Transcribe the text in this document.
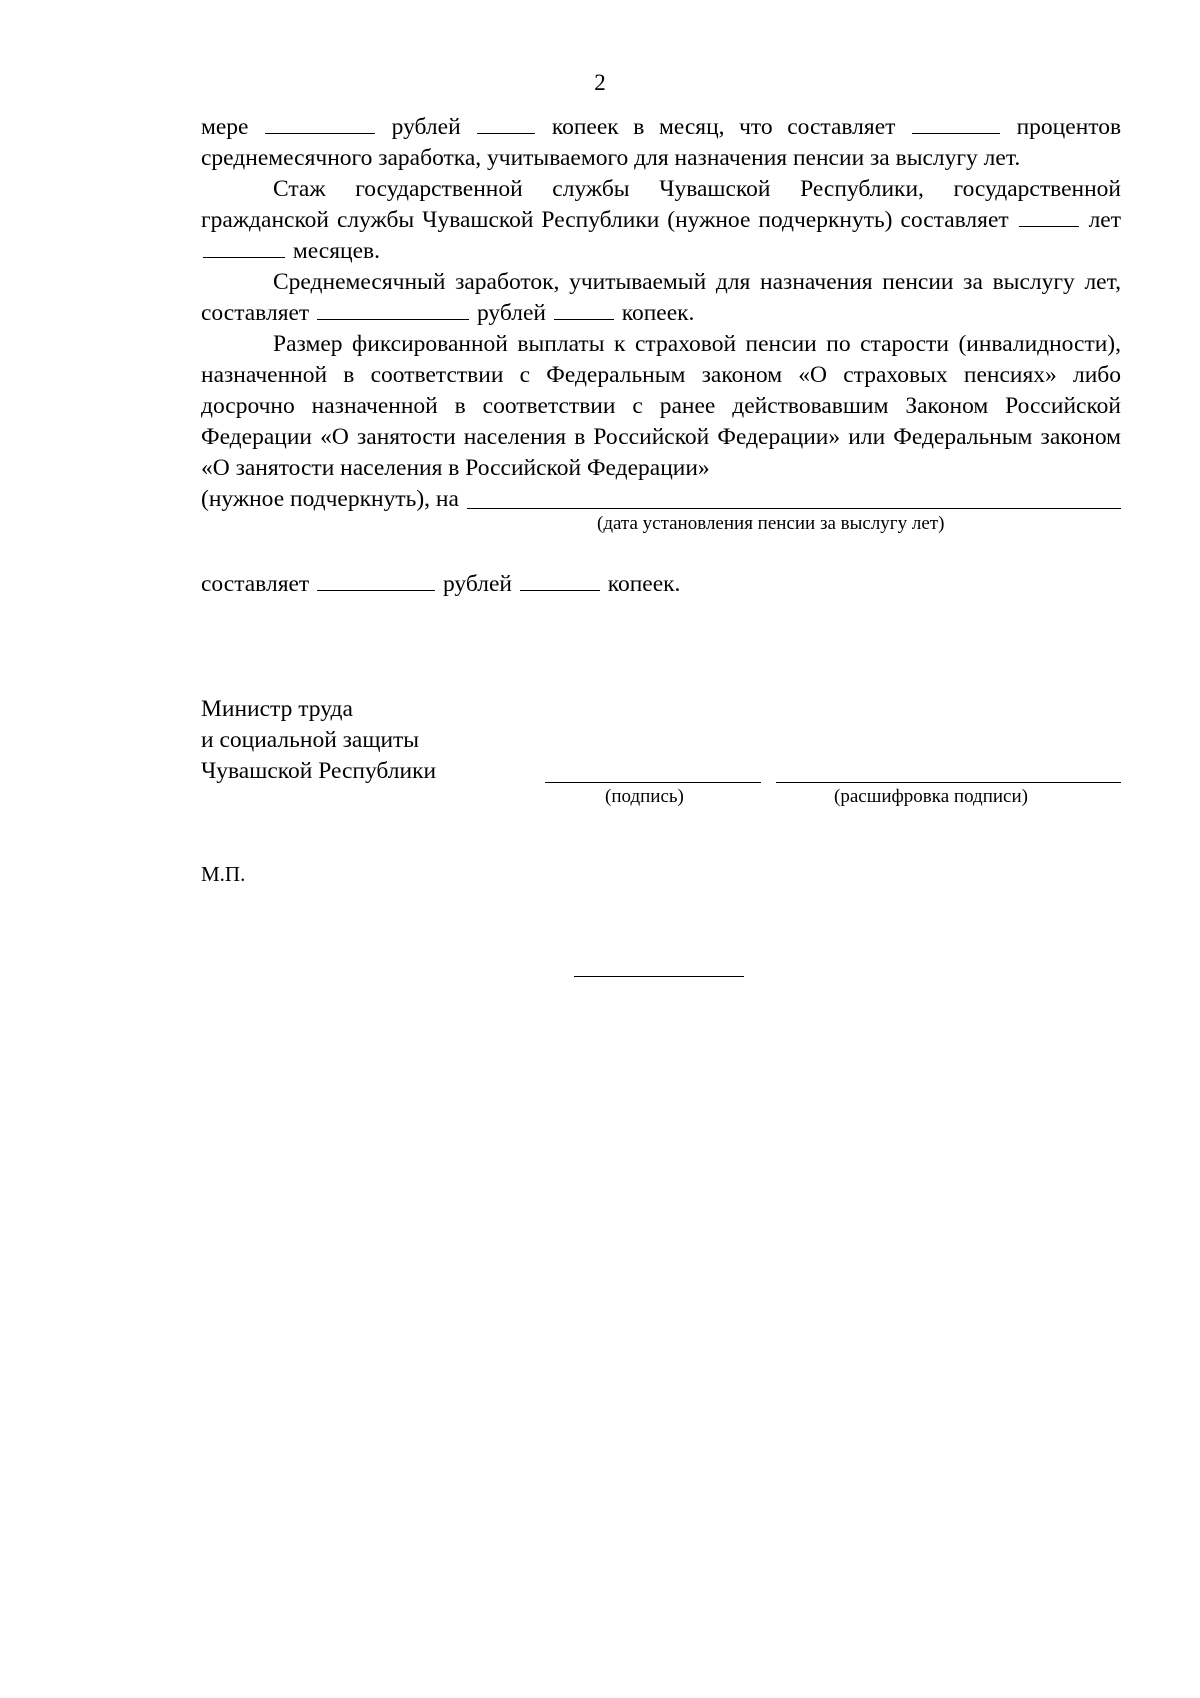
2

мере	рублей	копеек в месяц, что составляет	процентов среднемесячного заработка, учитываемого для назначения пенсии за выслугу лет.

Стаж государственной службы Чувашской Республики, государственной гражданской службы Чувашской Республики (нужное подчеркнуть) составляет	лет  месяцев.

Среднемесячный заработок, учитываемый для назначения пенсии за выслугу лет, составляет	рублей	копеек.

Размер фиксированной выплаты к страховой пенсии по старости (инвалидности), назначенной в соответствии с Федеральным законом «О страховых пенсиях» либо досрочно назначенной в соответствии с ранее действовавшим Законом Российской Федерации «О занятости населения в Российской Федерации» или Федеральным законом «О занятости населения в Российской Федерации»

(нужное подчеркнуть), на
(дата установления пенсии за выслугу лет)

составляет	рублей	копеек.

Министр труда
и социальной защиты
Чувашской Республики
(подпись)	(расшифровка подписи)
М.П.
